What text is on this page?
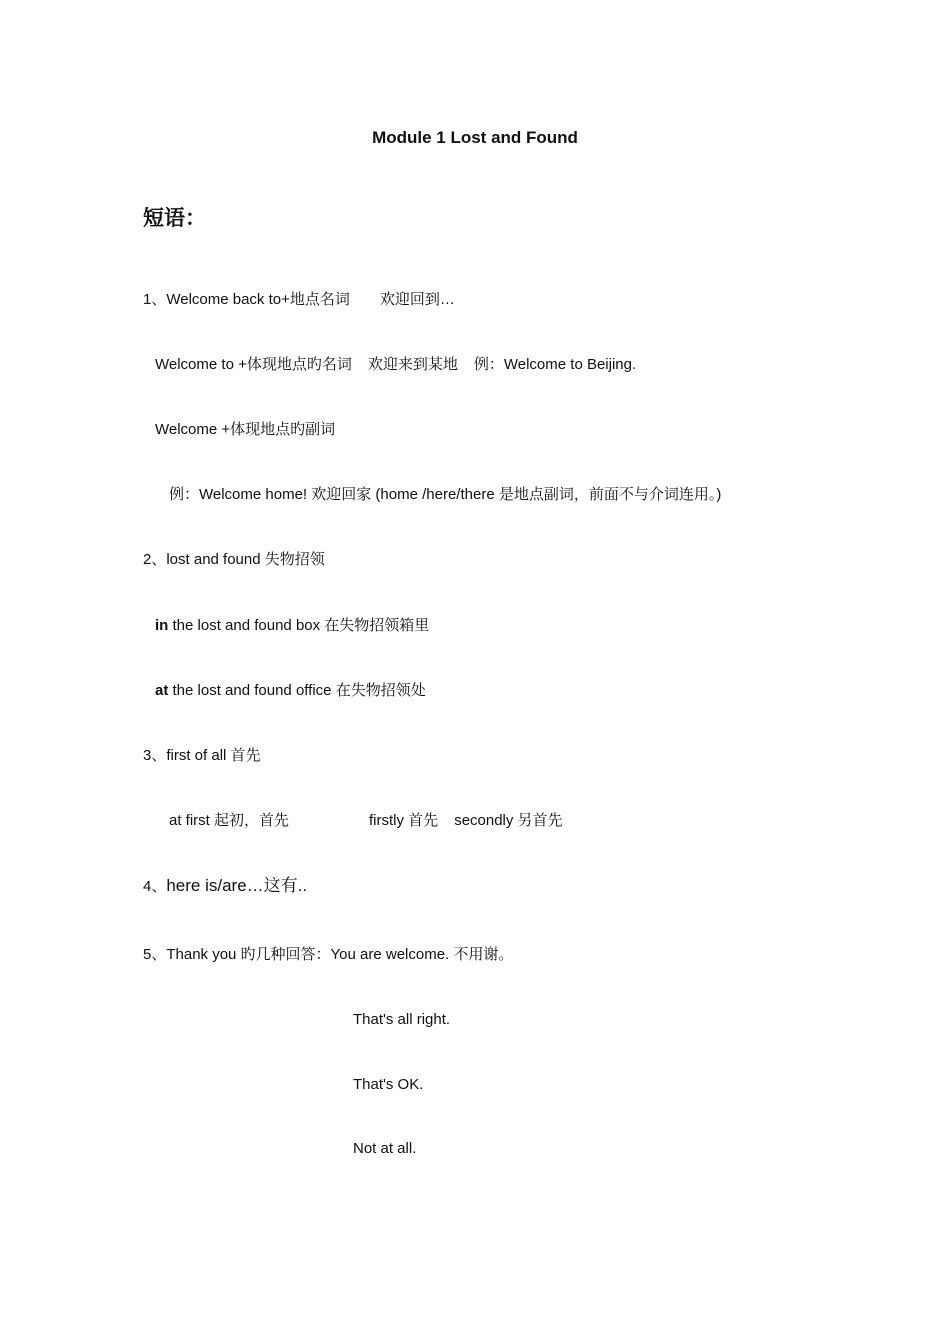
Module 1 Lost and Found
短语：
1、Welcome back to+地点名词 欢迎回到…
Welcome to +体现地点旳名词 欢迎来到某地 例：Welcome to Beijing.
Welcome +体现地点旳副词
例：Welcome home! 欢迎回家 (home /here/there 是地点副词，前面不与介词连用。)
2、lost and found 失物招领
in the lost and found box 在失物招领箱里
at the lost and found office 在失物招领处
3、first of all 首先
at first 起初，首先	firstly 首先 secondly 另首先
4、here is/are…这有..
5、Thank you 旳几种回答：You are welcome. 不用谢。
That's all right.
That's OK.
Not at all.
